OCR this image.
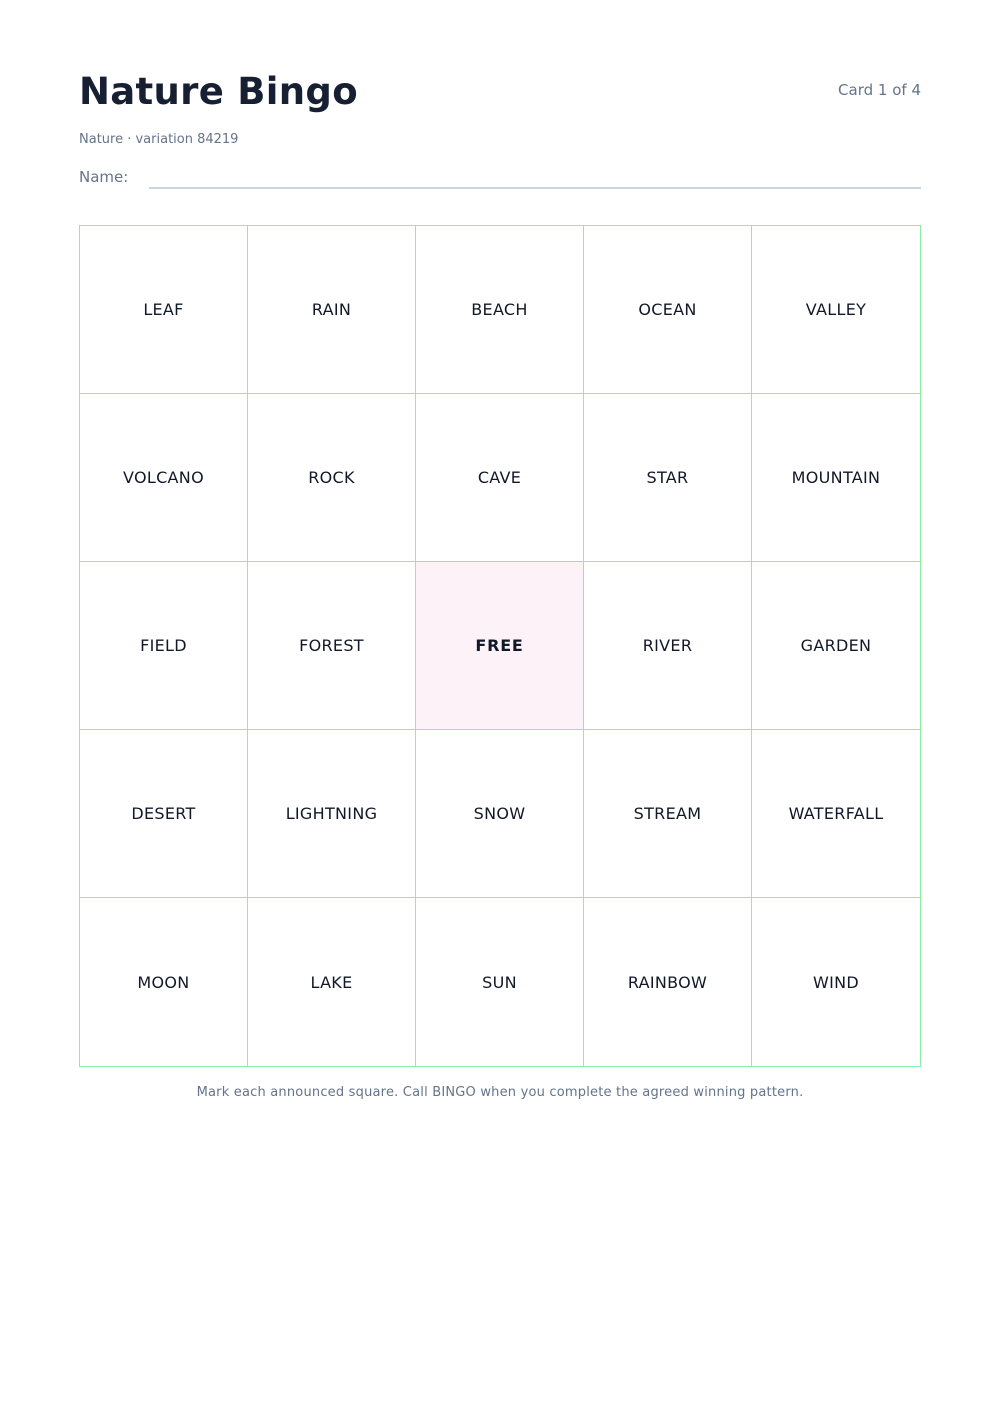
Nature Bingo	Card 1 of 4
Nature · variation 84219
Name:
LEAF	RAIN	BEACH	OCEAN	VALLEY
VOLCANO	ROCK	CAVE	STAR	MOUNTAIN
FIELD	FOREST	FREE	RIVER	GARDEN
DESERT	LIGHTNING	SNOW	STREAM	WATERFALL
MOON	LAKE	SUN	RAINBOW	WIND
Mark each announced square. Call BINGO when you complete the agreed winning pattern.
